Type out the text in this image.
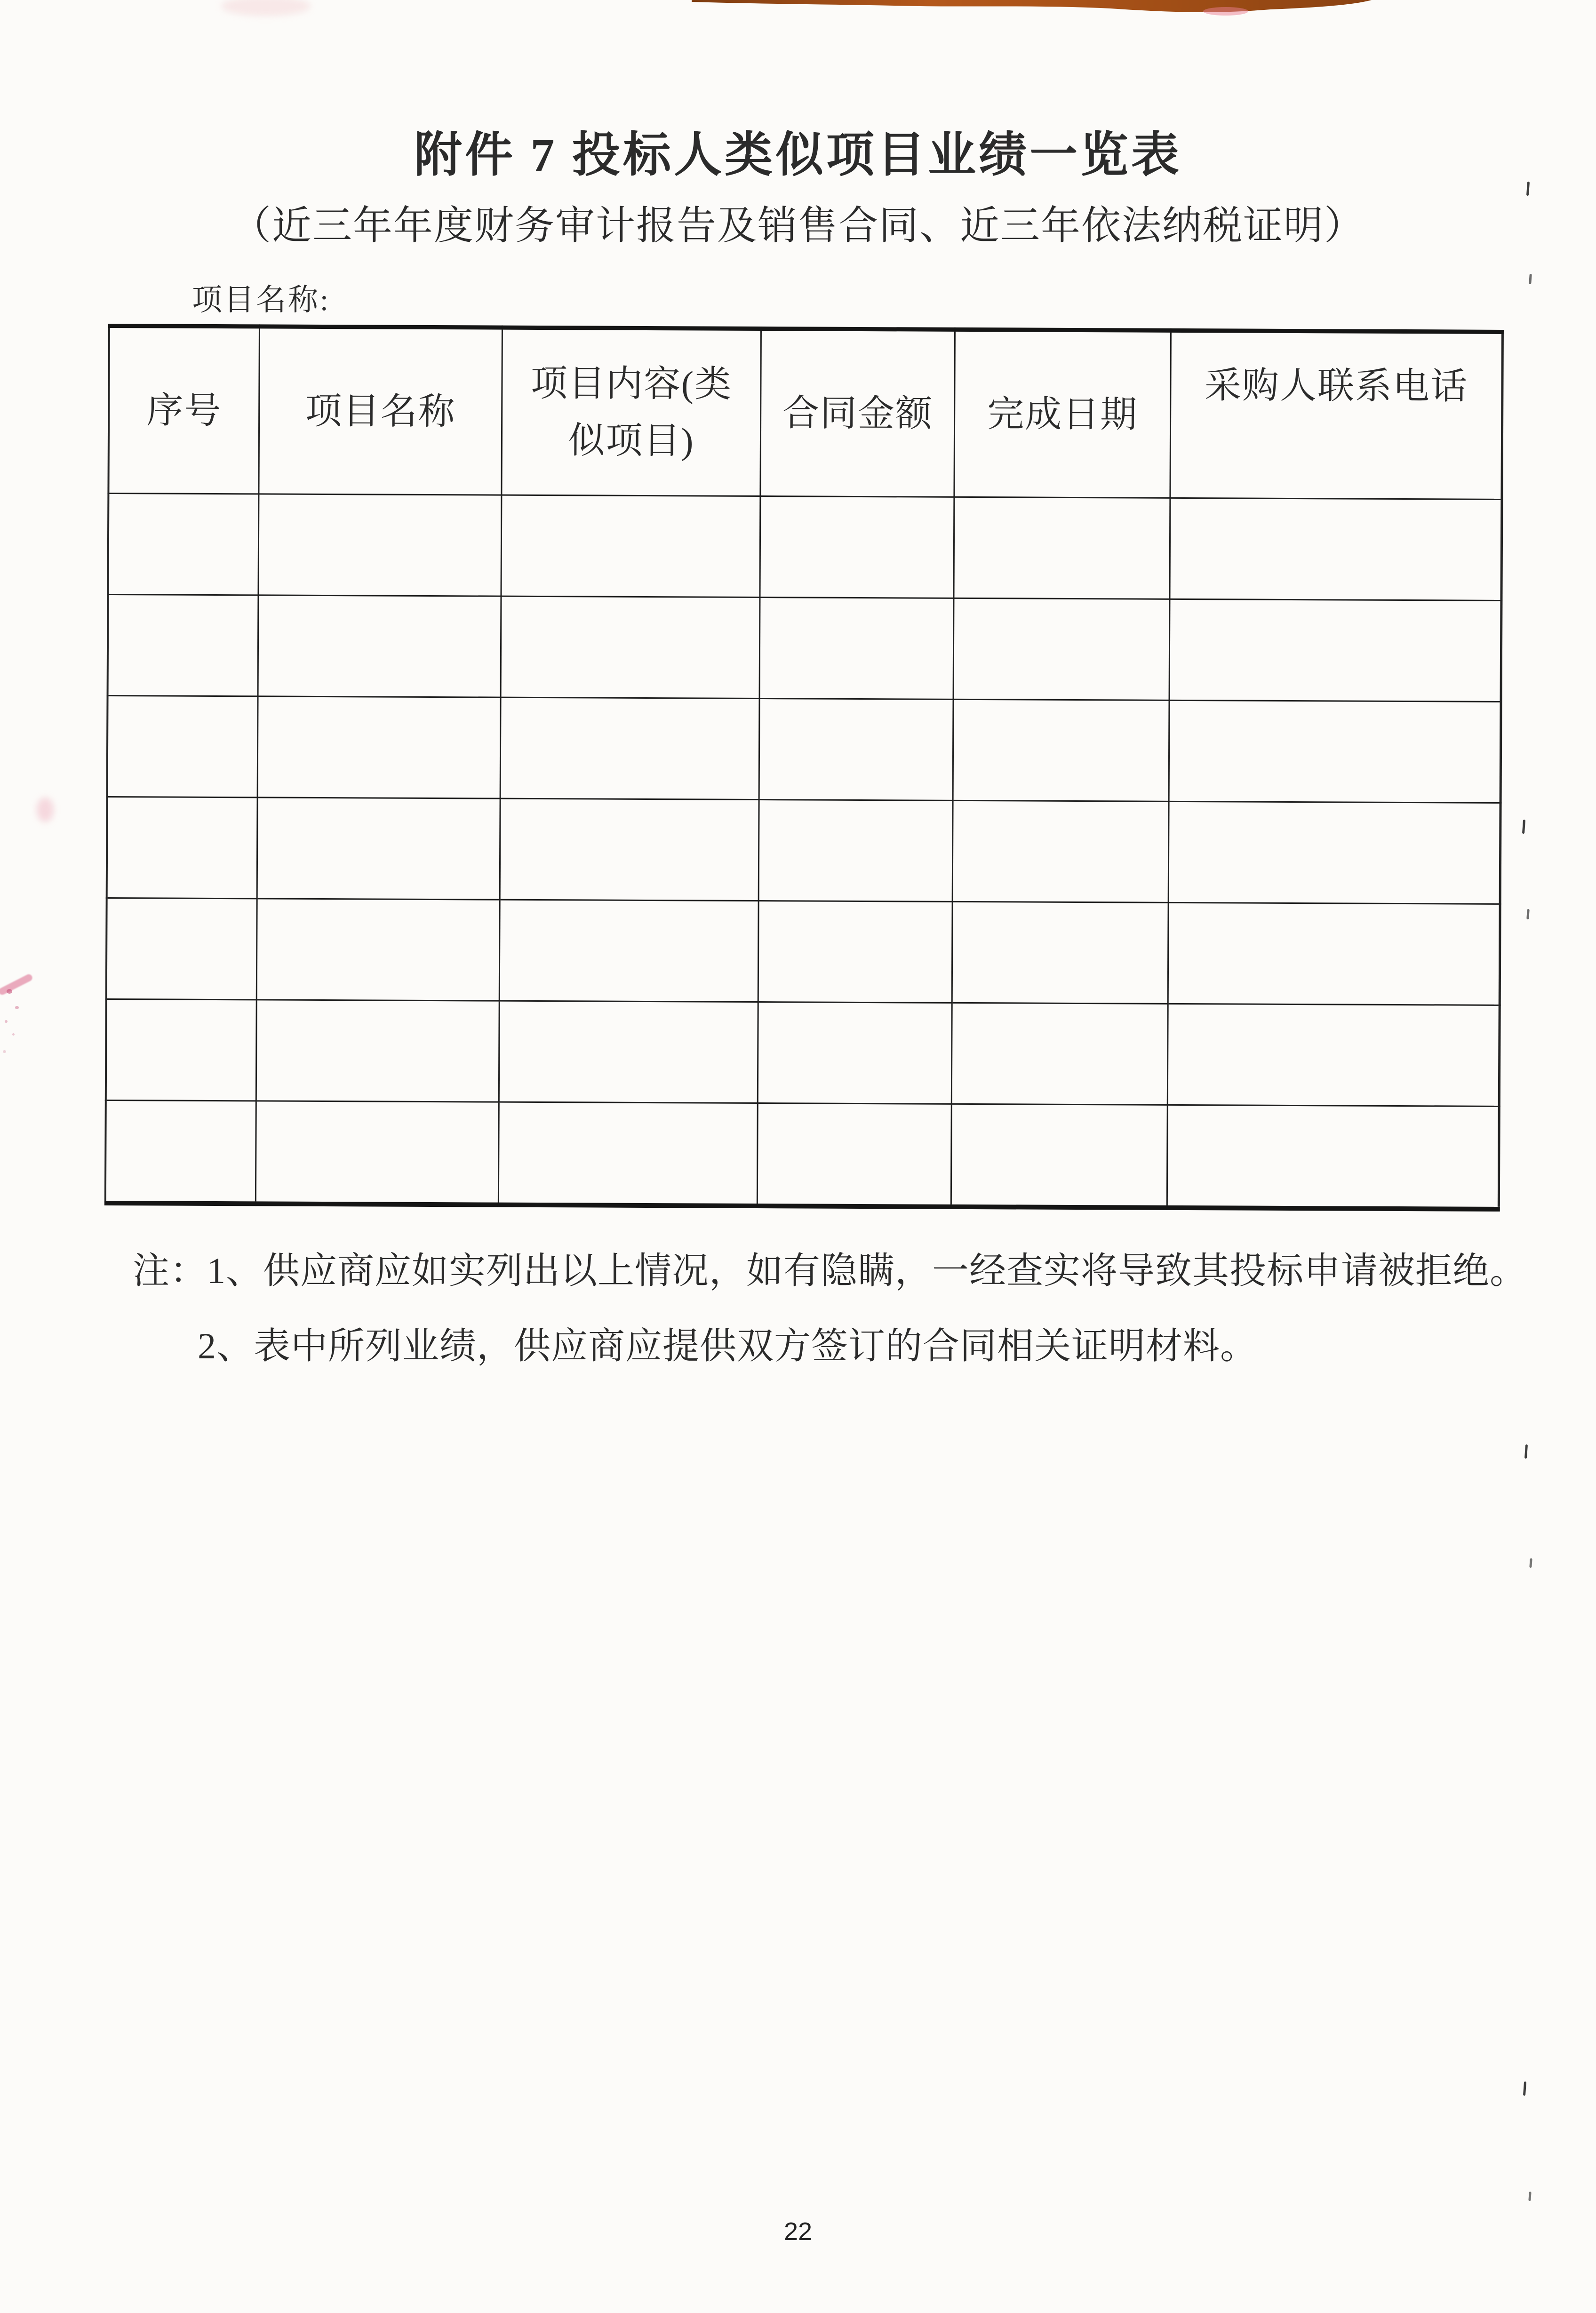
附件 7 投标人类似项目业绩一览表
（近三年年度财务审计报告及销售合同、近三年依法纳税证明）
项目名称:
序号	项目名称	项目内容(类似项目)	合同金额	完成日期	采购人联系电话

注：1、供应商应如实列出以上情况，如有隐瞒，一经查实将导致其投标申请被拒绝。
2、表中所列业绩，供应商应提供双方签订的合同相关证明材料。
22
